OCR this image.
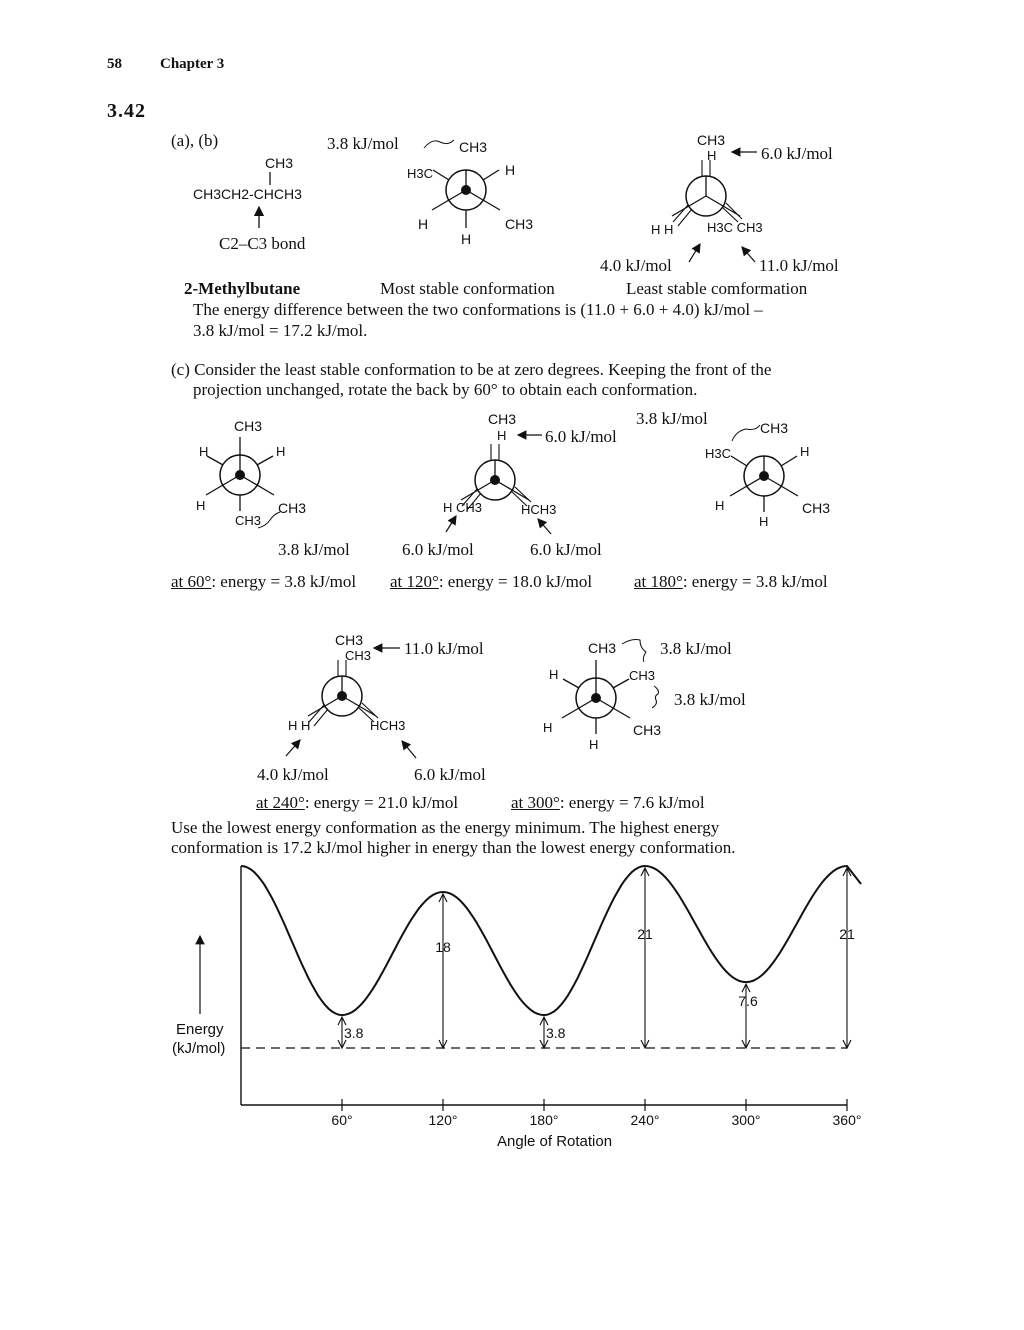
58	Chapter 3
3.42
(a), (b)
CH3
CH3CH2-CHCH3
C2–C3 bond
2-Methylbutane
3.8 kJ/mol	CH3
H3C	H
H
H
CH3
Most stable conformation
CH3
H	6.0 kJ/mol
H H	H3C CH3
4.0 kJ/mol	11.0 kJ/mol
Least stable comformation
The energy difference between the two conformations is (11.0 + 6.0 + 4.0) kJ/mol –
3.8 kJ/mol = 17.2 kJ/mol.
(c) Consider the least stable conformation to be at zero degrees. Keeping the front of the
projection unchanged, rotate the back by 60° to obtain each conformation.
CH3
H	H
H
CH3
CH3
3.8 kJ/mol
CH3
H 6.0 kJ/mol
H CH3	HCH3
6.0 kJ/mol	6.0 kJ/mol
3.8 kJ/mol	CH3
H3C	H
H
H
CH3
at 60°: energy = 3.8 kJ/mol at 120°: energy = 18.0 kJ/mol at 180°: energy = 3.8 kJ/mol
CH3
CH3 11.0 kJ/mol
H H	HCH3
4.0 kJ/mol	6.0 kJ/mol
CH3	3.8 kJ/mol
H	CH3
3.8 kJ/mol
H
H
CH3
at 240°: energy = 21.0 kJ/mol	at 300°: energy = 7.6 kJ/mol
Use the lowest energy conformation as the energy minimum. The highest energy
conformation is 17.2 kJ/mol higher in energy than the lowest energy conformation.
3.8
18
3.8
21
7.6
21
60°	120°	180°	240°	300°	360°
Energy
(kJ/mol)
Angle of Rotation
